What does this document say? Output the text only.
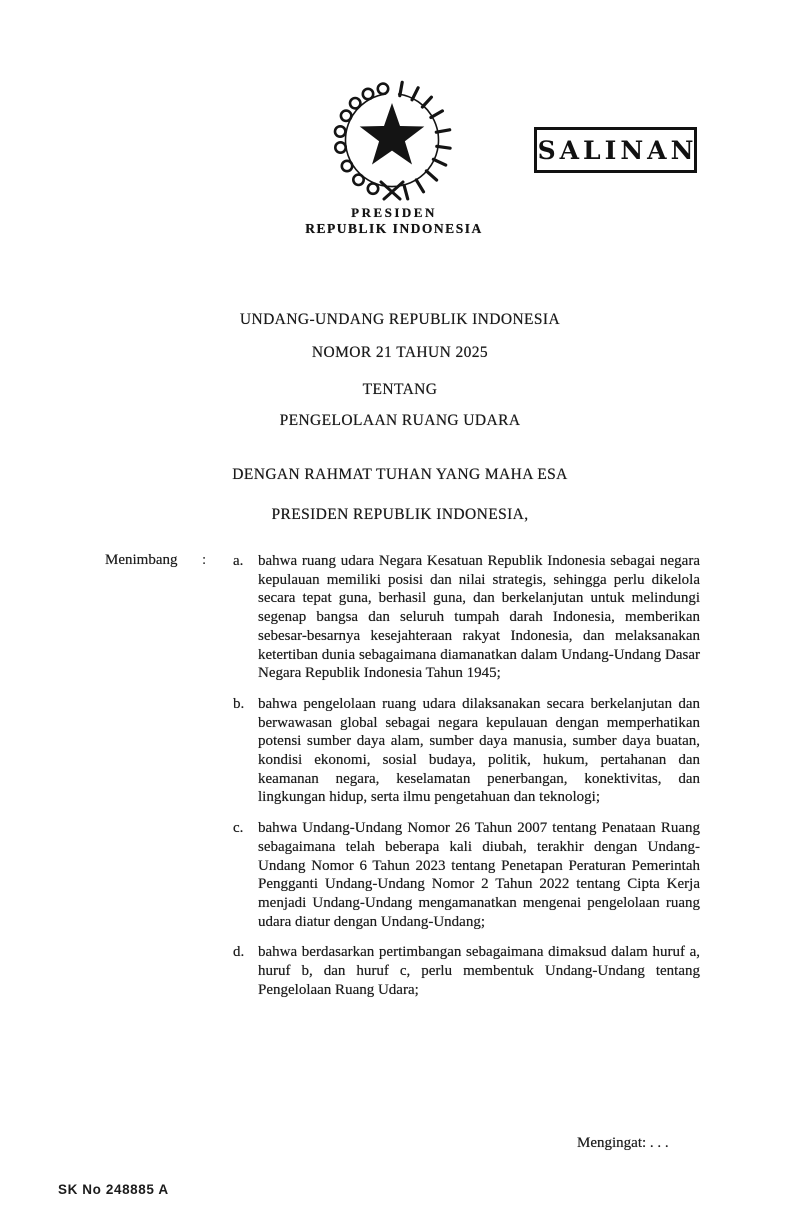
PRESIDEN
REPUBLIK INDONESIA
SALINAN
UNDANG-UNDANG REPUBLIK INDONESIA
NOMOR 21 TAHUN 2025
TENTANG
PENGELOLAAN RUANG UDARA
DENGAN RAHMAT TUHAN YANG MAHA ESA
PRESIDEN REPUBLIK INDONESIA,
Menimbang : a. bahwa ruang udara Negara Kesatuan Republik Indonesia sebagai negara kepulauan memiliki posisi dan nilai strategis, sehingga perlu dikelola secara tepat guna, berhasil guna, dan berkelanjutan untuk melindungi segenap bangsa dan seluruh tumpah darah Indonesia, memberikan sebesar-besarnya kesejahteraan rakyat Indonesia, dan melaksanakan ketertiban dunia sebagaimana diamanatkan dalam Undang-Undang Dasar Negara Republik Indonesia Tahun 1945;

b. bahwa pengelolaan ruang udara dilaksanakan secara berkelanjutan dan berwawasan global sebagai negara kepulauan dengan memperhatikan potensi sumber daya alam, sumber daya manusia, sumber daya buatan, kondisi ekonomi, sosial budaya, politik, hukum, pertahanan dan keamanan negara, keselamatan penerbangan, konektivitas, dan lingkungan hidup, serta ilmu pengetahuan dan teknologi;

c. bahwa Undang-Undang Nomor 26 Tahun 2007 tentang Penataan Ruang sebagaimana telah beberapa kali diubah, terakhir dengan Undang-Undang Nomor 6 Tahun 2023 tentang Penetapan Peraturan Pemerintah Pengganti Undang-Undang Nomor 2 Tahun 2022 tentang Cipta Kerja menjadi Undang-Undang mengamanatkan mengenai pengelolaan ruang udara diatur dengan Undang-Undang;

d. bahwa berdasarkan pertimbangan sebagaimana dimaksud dalam huruf a, huruf b, dan huruf c, perlu membentuk Undang-Undang tentang Pengelolaan Ruang Udara;

Mengingat: . . .
SK No 248885 A
